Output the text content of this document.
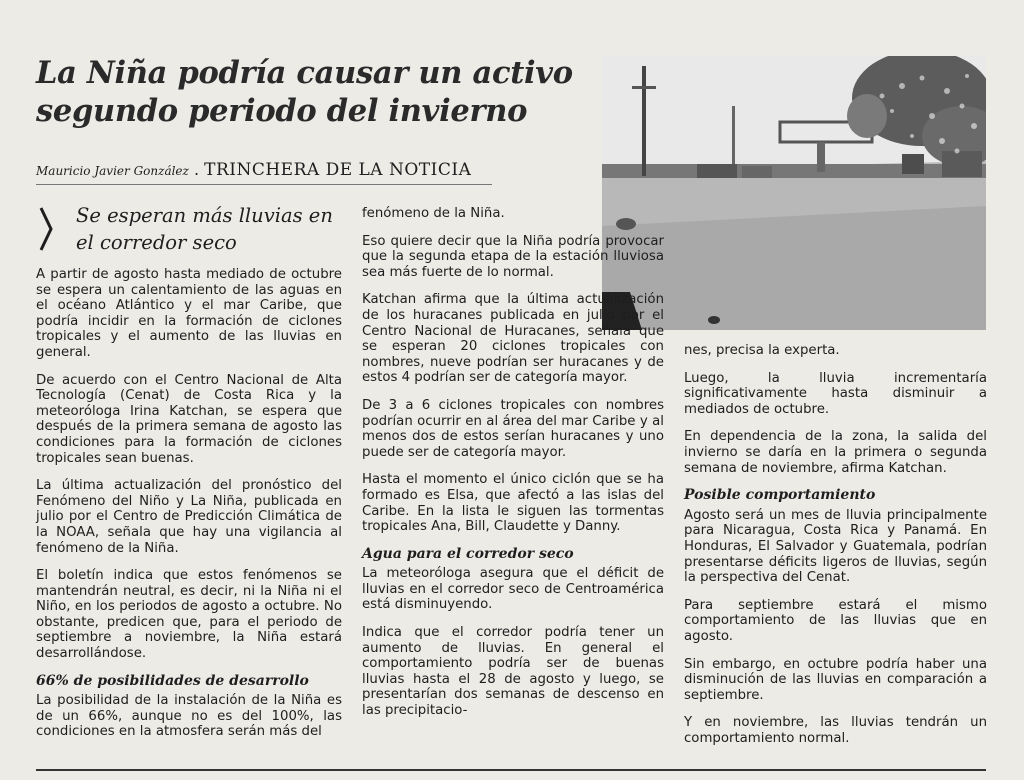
La Niña podría causar un activo segundo periodo del invierno
Mauricio Javier González . TRINCHERA DE LA NOTICIA
Se esperan más lluvias en el corredor seco

A partir de agosto hasta mediado de octubre se espera un calentamiento de las aguas en el océano Atlántico y el mar Caribe, que podría incidir en la formación de ciclones tropicales y el aumento de las lluvias en general.

De acuerdo con el Centro Nacional de Alta Tecnología (Cenat) de Costa Rica y la meteoróloga Irina Katchan, se espera que después de la primera semana de agosto las condiciones para la formación de ciclones tropicales sean buenas.

La última actualización del pronóstico del Fenómeno del Niño y La Niña, publicada en julio por el Centro de Predicción Climática de la NOAA, señala que hay una vigilancia al fenómeno de la Niña.

El boletín indica que estos fenómenos se mantendrán neutral, es decir, ni la Niña ni el Niño, en los periodos de agosto a octubre. No obstante, predicen que, para el periodo de septiembre a noviembre, la Niña estará desarrollándose.

66% de posibilidades de desarrollo

La posibilidad de la instalación de la Niña es de un 66%, aunque no es del 100%, las condiciones en la atmosfera serán más del

fenómeno de la Niña.

Eso quiere decir que la Niña podría provocar que la segunda etapa de la estación lluviosa sea más fuerte de lo normal.

Katchan afirma que la última actualización de los huracanes publicada en julio por el Centro Nacional de Huracanes, señala que se esperan 20 ciclones tropicales con nombres, nueve podrían ser huracanes y de estos 4 podrían ser de categoría mayor.

De 3 a 6 ciclones tropicales con nombres podrían ocurrir en al área del mar Caribe y al menos dos de estos serían huracanes y uno puede ser de categoría mayor.

Hasta el momento el único ciclón que se ha formado es Elsa, que afectó a las islas del Caribe. En la lista le siguen las tormentas tropicales Ana, Bill, Claudette y Danny.

Agua para el corredor seco

La meteoróloga asegura que el déficit de lluvias en el corredor seco de Centroamérica está disminuyendo.

Indica que el corredor podría tener un aumento de lluvias. En general el comportamiento podría ser de buenas lluvias hasta el 28 de agosto y luego, se presentarían dos semanas de descenso en las precipitacio-

nes, precisa la experta.

Luego, la lluvia incrementaría significativamente hasta disminuir a mediados de octubre.

En dependencia de la zona, la salida del invierno se daría en la primera o segunda semana de noviembre, afirma Katchan.

Posible comportamiento

Agosto será un mes de lluvia principalmente para Nicaragua, Costa Rica y Panamá. En Honduras, El Salvador y Guatemala, podrían presentarse déficits ligeros de lluvias, según la perspectiva del Cenat.

Para septiembre estará el mismo comportamiento de las lluvias que en agosto.

Sin embargo, en octubre podría haber una disminución de las lluvias en comparación a septiembre.

Y en noviembre, las lluvias tendrán un comportamiento normal.
